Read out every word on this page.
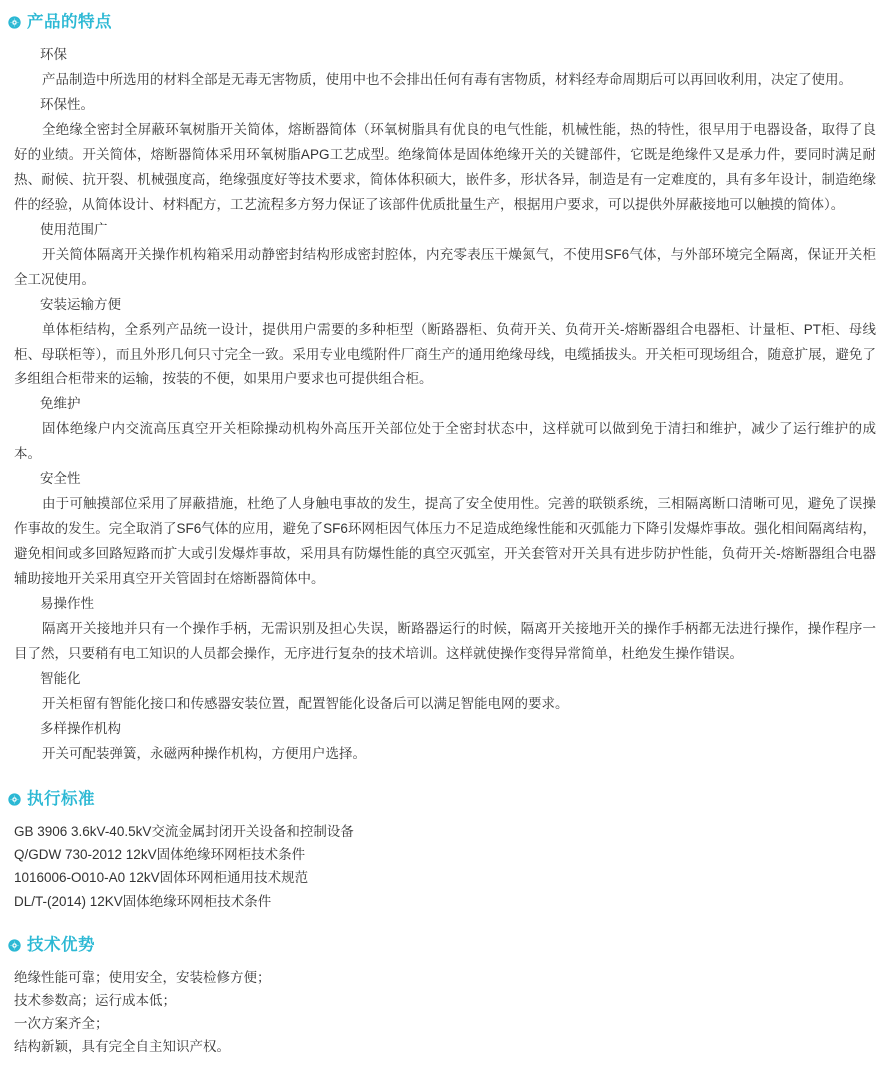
产品的特点

环保

产品制造中所选用的材料全部是无毒无害物质，使用中也不会排出任何有毒有害物质，材料经寿命周期后可以再回收利用，决定了使用。

环保性。

全绝缘全密封全屏蔽环氧树脂开关简体，熔断器简体（环氧树脂具有优良的电气性能，机械性能，热的特性，很早用于电器设备，取得了良好的业绩。开关简体，熔断器简体采用环氧树脂APG工艺成型。绝缘简体是固体绝缘开关的关键部件，它既是绝缘件又是承力件，要同时满足耐热、耐候、抗开裂、机械强度高，绝缘强度好等技术要求，简体体积硕大，嵌件多，形状各异，制造是有一定难度的，具有多年设计，制造绝缘件的经验，从简体设计、材料配方，工艺流程多方努力保证了该部件优质批量生产，根据用户要求，可以提供外屏蔽接地可以触摸的简体）。

使用范围广

开关简体隔离开关操作机构箱采用动静密封结构形成密封腔体，内充零表压干燥氮气，不使用SF6气体，与外部环境完全隔离，保证开关柜全工况使用。

安装运输方便

单体柜结构，全系列产品统一设计，提供用户需要的多种柜型（断路器柜、负荷开关、负荷开关-熔断器组合电器柜、计量柜、PT柜、母线柜、母联柜等），而且外形几何只寸完全一致。采用专业电缆附件厂商生产的通用绝缘母线，电缆插拔头。开关柜可现场组合，随意扩展，避免了多组组合柜带来的运输，按装的不便，如果用户要求也可提供组合柜。

免维护

固体绝缘户内交流高压真空开关柜除操动机构外高压开关部位处于全密封状态中，这样就可以做到免于清扫和维护，减少了运行维护的成本。

安全性

由于可触摸部位采用了屏蔽措施，杜绝了人身触电事故的发生，提高了安全使用性。完善的联锁系统，三相隔离断口清晰可见，避免了误操作事故的发生。完全取消了SF6气体的应用，避免了SF6环网柜因气体压力不足造成绝缘性能和灭弧能力下降引发爆炸事故。强化相间隔离结构，避免相间或多回路短路而扩大或引发爆炸事故，采用具有防爆性能的真空灭弧室，开关套管对开关具有进步防护性能，负荷开关-熔断器组合电器辅助接地开关采用真空开关管固封在熔断器简体中。

易操作性

隔离开关接地并只有一个操作手柄，无需识别及担心失误，断路器运行的时候，隔离开关接地开关的操作手柄都无法进行操作，操作程序一目了然，只要稍有电工知识的人员都会操作，无序进行复杂的技术培训。这样就使操作变得异常简单，杜绝发生操作错误。

智能化

开关柜留有智能化接口和传感器安装位置，配置智能化设备后可以满足智能电网的要求。

多样操作机构

开关可配装弹簧，永磁两种操作机构，方便用户选择。

执行标准
GB 3906 3.6kV-40.5kV交流金属封闭开关设备和控制设备
Q/GDW 730-2012 12kV固体绝缘环网柜技术条件
1016006-O010-A0 12kV固体环网柜通用技术规范
DL/T-(2014) 12KV固体绝缘环网柜技术条件
技术优势
绝缘性能可靠；使用安全，安装检修方便；
技术参数高；运行成本低；
一次方案齐全；
结构新颖，具有完全自主知识产权。
